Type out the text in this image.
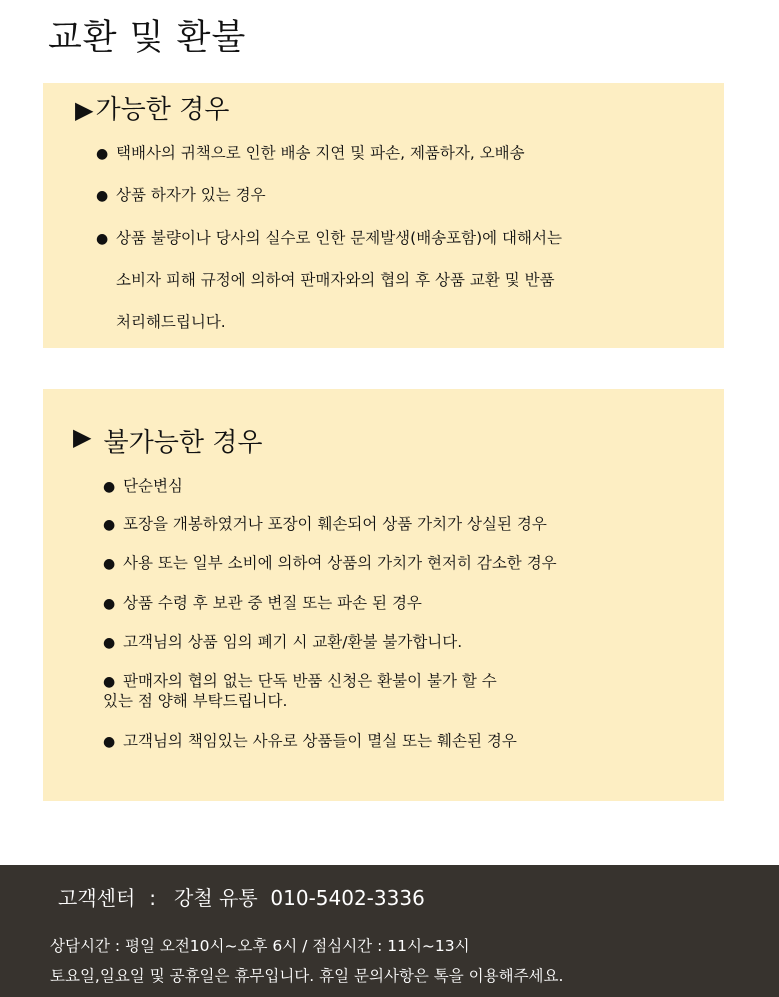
교환 및 환불
▶가능한 경우
● 택배사의 귀책으로 인한 배송 지연 및 파손, 제품하자, 오배송
● 상품 하자가 있는 경우
● 상품 불량이나 당사의 실수로 인한 문제발생(배송포함)에 대해서는
소비자 피해 규정에 의하여 판매자와의 협의 후 상품 교환 및 반품
처리해드립니다.
▶ 불가능한 경우
● 단순변심
● 포장을 개봉하였거나 포장이 훼손되어 상품 가치가 상실된 경우
● 사용 또는 일부 소비에 의하여 상품의 가치가 현저히 감소한 경우
● 상품 수령 후 보관 중 변질 또는 파손 된 경우
● 고객님의 상품 임의 폐기 시 교환/환불 불가합니다.
● 판매자의 협의 없는 단독 반품 신청은 환불이 불가 할 수
있는 점 양해 부탁드립니다.
● 고객님의 책임있는 사유로 상품들이 멸실 또는 훼손된 경우
고객센터 : 강철 유통 010-5402-3336
상담시간 : 평일 오전10시~오후 6시 / 점심시간 : 11시~13시
토요일,일요일 및 공휴일은 휴무입니다. 휴일 문의사항은 톡을 이용해주세요.
